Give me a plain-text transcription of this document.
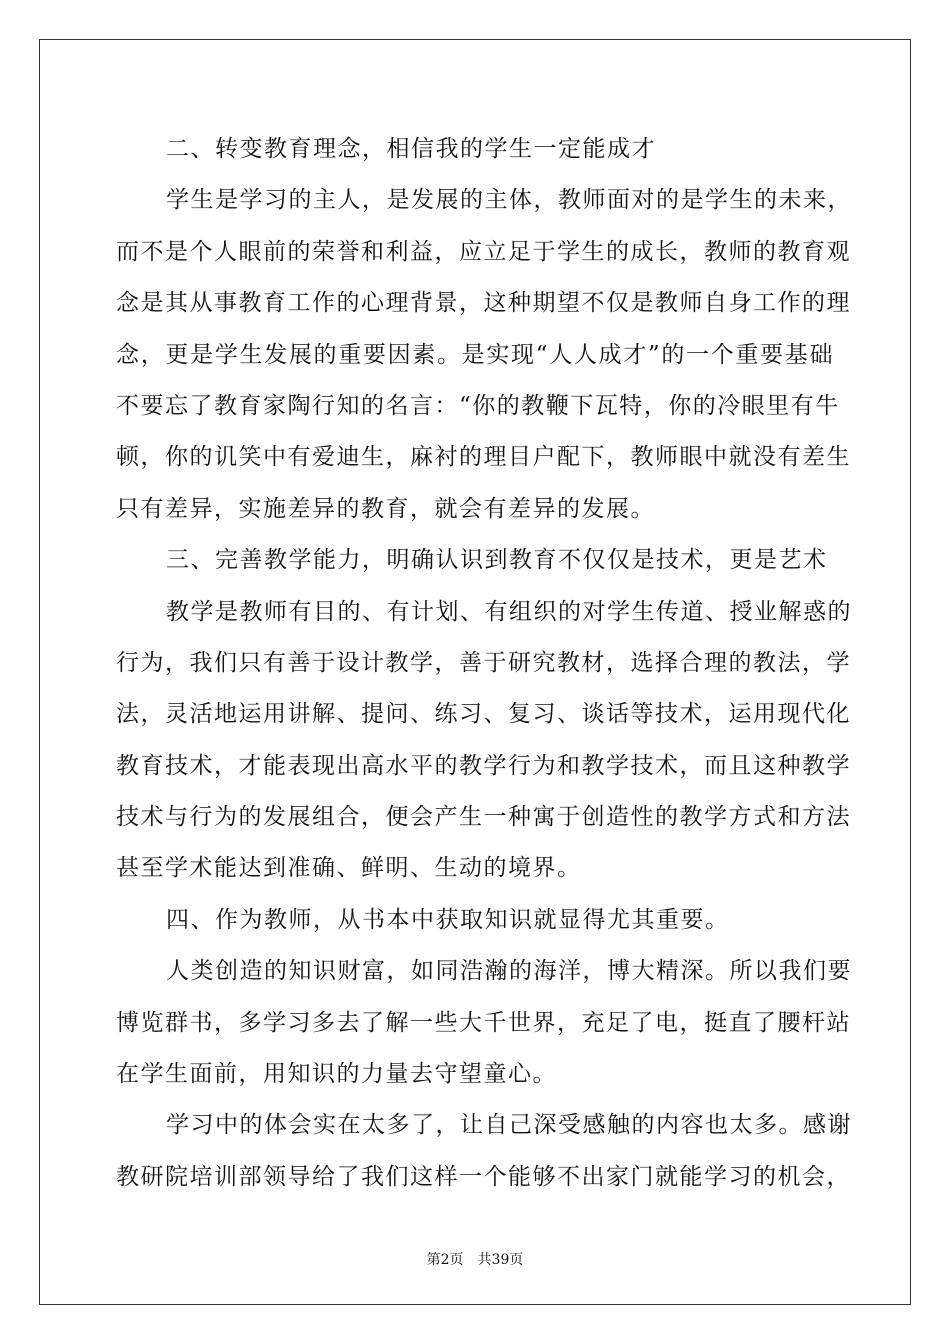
二、转变教育理念，相信我的学生一定能成才
学生是学习的主人，是发展的主体，教师面对的是学生的未来，
而不是个人眼前的荣誉和利益，应立足于学生的成长，教师的教育观
念是其从事教育工作的心理背景，这种期望不仅是教师自身工作的理
念，更是学生发展的重要因素。是实现“人人成才”的一个重要基础
不要忘了教育家陶行知的名言：“你的教鞭下瓦特，你的冷眼里有牛
顿，你的讥笑中有爱迪生，麻衬的理目户配下，教师眼中就没有差生
只有差异，实施差异的教育，就会有差异的发展。
三、完善教学能力，明确认识到教育不仅仅是技术，更是艺术
教学是教师有目的、有计划、有组织的对学生传道、授业解惑的
行为，我们只有善于设计教学，善于研究教材，选择合理的教法，学
法，灵活地运用讲解、提问、练习、复习、谈话等技术，运用现代化
教育技术，才能表现出高水平的教学行为和教学技术，而且这种教学
技术与行为的发展组合，便会产生一种寓于创造性的教学方式和方法
甚至学术能达到准确、鲜明、生动的境界。
四、作为教师，从书本中获取知识就显得尤其重要。
人类创造的知识财富，如同浩瀚的海洋，博大精深。所以我们要
博览群书，多学习多去了解一些大千世界，充足了电，挺直了腰杆站
在学生面前，用知识的力量去守望童心。
学习中的体会实在太多了，让自己深受感触的内容也太多。感谢
教研院培训部领导给了我们这样一个能够不出家门就能学习的机会，
第2页 共39页
